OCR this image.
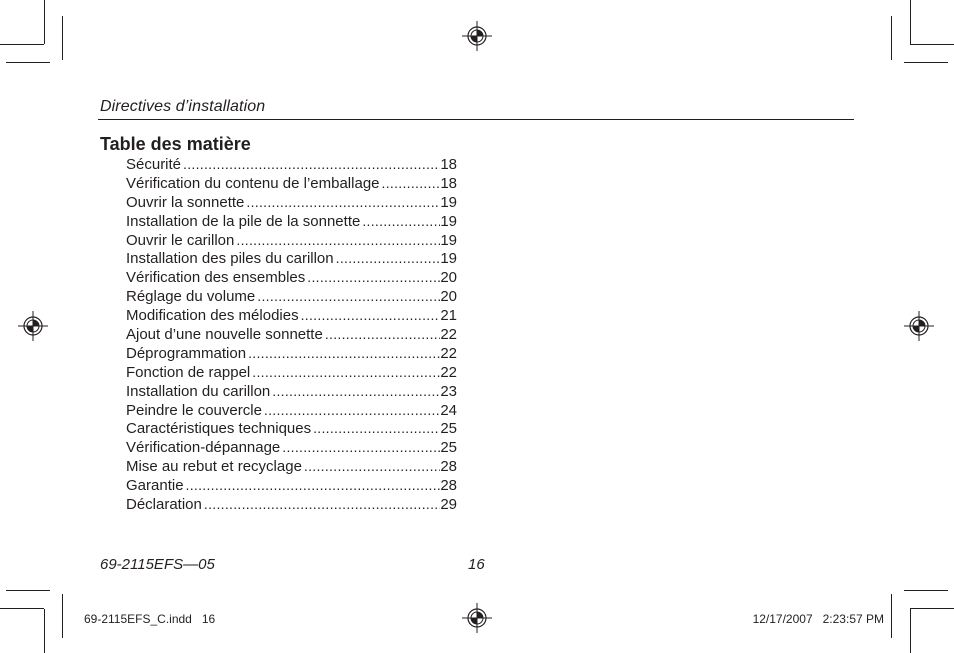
Directives d’installation
Table des matière
Sécurité .....	18
Vérification du contenu de l’emballage .....	18
Ouvrir la sonnette .....	19
Installation de la pile de la sonnette .....	19
Ouvrir le carillon .....	19
Installation des piles du carillon .....	19
Vérification des ensembles .....	20
Réglage du volume .....	20
Modification des mélodies .....	21
Ajout d’une nouvelle sonnette .....	22
Déprogrammation .....	22
Fonction de rappel .....	22
Installation du carillon .....	23
Peindre le couvercle .....	24
Caractéristiques techniques .....	25
Vérification-dépannage .....	25
Mise au rebut et recyclage .....	28
Garantie .....	28
Déclaration .....	29
69-2115EFS—05	16
69-2115EFS_C.indd   16	12/17/2007   2:23:57 PM
